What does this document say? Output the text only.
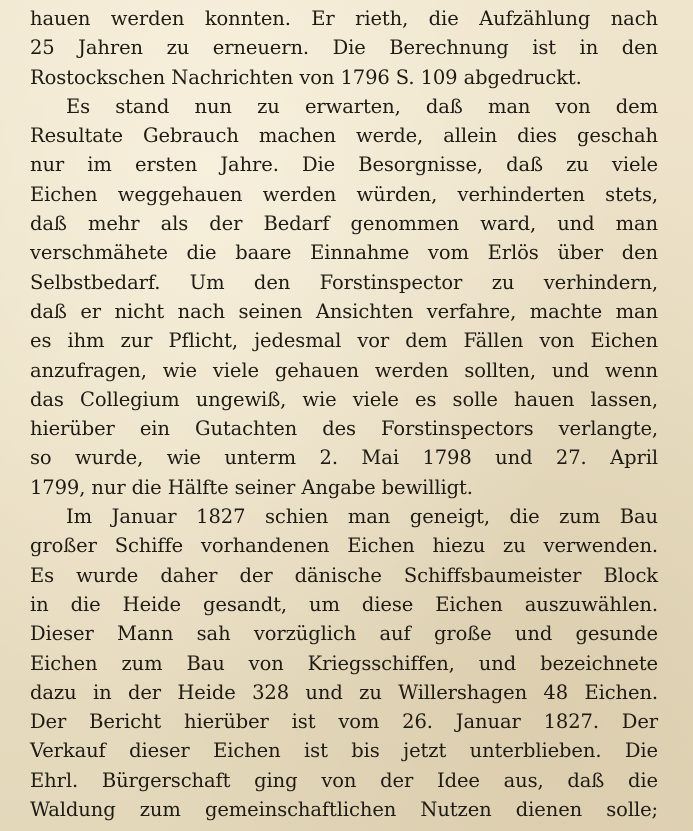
hauen werden konnten. Er rieth, die Aufzählung nach
25 Jahren zu erneuern. Die Berechnung ist in den
Rostockschen Nachrichten von 1796 S. 109 abgedruckt.
Es stand nun zu erwarten, daß man von dem
Resultate Gebrauch machen werde, allein dies geschah
nur im ersten Jahre. Die Besorgnisse, daß zu viele
Eichen weggehauen werden würden, verhinderten stets,
daß mehr als der Bedarf genommen ward, und man
verschmähete die baare Einnahme vom Erlös über den
Selbstbedarf. Um den Forstinspector zu verhindern,
daß er nicht nach seinen Ansichten verfahre, machte man
es ihm zur Pflicht, jedesmal vor dem Fällen von Eichen
anzufragen, wie viele gehauen werden sollten, und wenn
das Collegium ungewiß, wie viele es solle hauen lassen,
hierüber ein Gutachten des Forstinspectors verlangte,
so wurde, wie unterm 2. Mai 1798 und 27. April
1799, nur die Hälfte seiner Angabe bewilligt.
Im Januar 1827 schien man geneigt, die zum Bau
großer Schiffe vorhandenen Eichen hiezu zu verwenden.
Es wurde daher der dänische Schiffsbaumeister Block
in die Heide gesandt, um diese Eichen auszuwählen.
Dieser Mann sah vorzüglich auf große und gesunde
Eichen zum Bau von Kriegsschiffen, und bezeichnete
dazu in der Heide 328 und zu Willershagen 48 Eichen.
Der Bericht hierüber ist vom 26. Januar 1827. Der
Verkauf dieser Eichen ist bis jetzt unterblieben. Die
Ehrl. Bürgerschaft ging von der Idee aus, daß die
Waldung zum gemeinschaftlichen Nutzen dienen solle;
